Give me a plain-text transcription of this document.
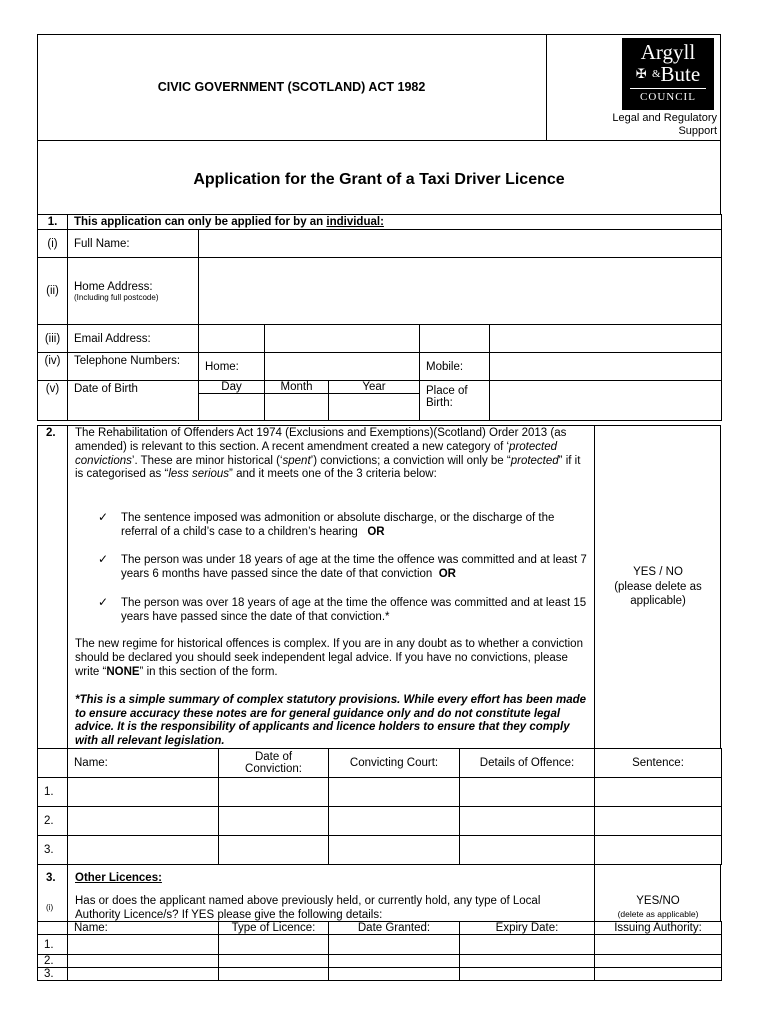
CIVIC GOVERNMENT (SCOTLAND) ACT 1982
Argyll
✠ &Bute
COUNCIL
Legal and Regulatory
Support
Application for the Grant of a Taxi Driver Licence
1.	This application can only be applied for by an individual:					
(i)	Full Name:					
(ii)	Home Address:
(Including full postcode)					

(iii)	Email Address:					
(iv)	Telephone Numbers:	Home:			Mobile:	
(v)	Date of Birth	Day	Month	Year	Place of Birth:	

2. The Rehabilitation of Offenders Act 1974 (Exclusions and Exemptions)(Scotland) Order 2013 (as amended) is relevant to this section. A recent amendment created a new category of ‘protected convictions’. These are minor historical (‘spent’) convictions; a conviction will only be “protected” if it is categorised as “less serious” and it meets one of the 3 criteria below:
✓ The sentence imposed was admonition or absolute discharge, or the discharge of the referral of a child’s case to a children’s hearing OR
✓ The person was under 18 years of age at the time the offence was committed and at least 7 years 6 months have passed since the date of that conviction OR
✓ The person was over 18 years of age at the time the offence was committed and at least 15 years have passed since the date of that conviction.*
The new regime for historical offences is complex. If you are in any doubt as to whether a conviction should be declared you should seek independent legal advice. If you have no convictions, please write “NONE” in this section of the form.
*This is a simple summary of complex statutory provisions. While every effort has been made to ensure accuracy these notes are for general guidance only and do not constitute legal advice. It is the responsibility of applicants and licence holders to ensure that they comply with all relevant legislation.
YES / NO
(please delete as applicable)
	Name:	Date of Conviction:	Convicting Court:	Details of Offence:	Sentence:
1.					
2.					
3.					
3. Other Licences:
(i)
Has or does the applicant named above previously held, or currently hold, any type of Local Authority Licence/s? If YES please give the following details:
YES/NO
(delete as applicable)
	Name:	Type of Licence:	Date Granted:	Expiry Date:	Issuing Authority:
1.					
2.					
3.					
